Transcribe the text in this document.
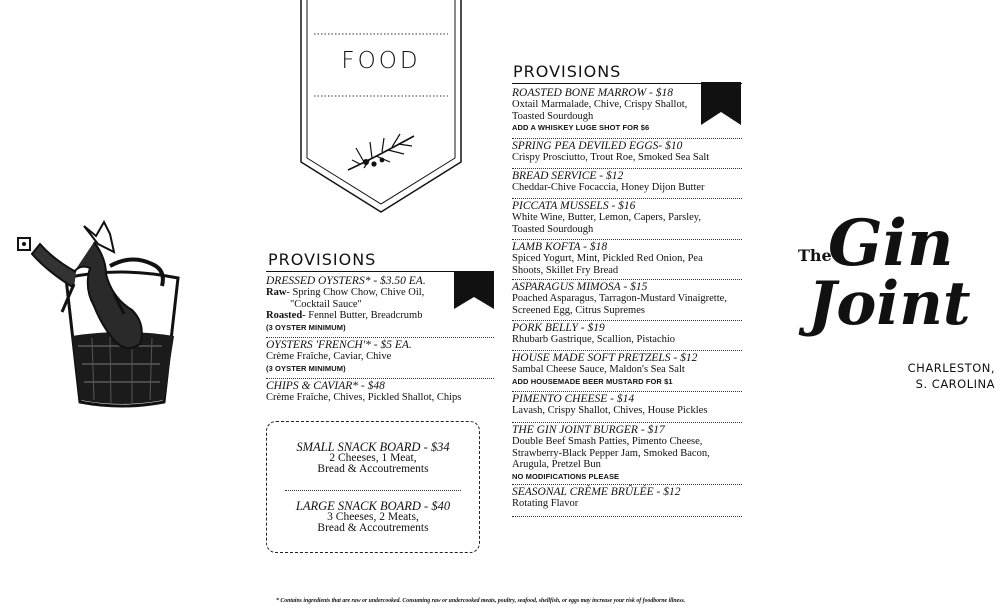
FOOD
PROVISIONS
DRESSED OYSTERS* - $3.50 EA.
Raw- Spring Chow Chow, Chive Oil,
"Cocktail Sauce"
Roasted- Fennel Butter, Breadcrumb
(3 OYSTER MINIMUM)
OYSTERS 'FRENCH'* - $5 EA.
Crème Fraîche, Caviar, Chive
(3 OYSTER MINIMUM)
CHIPS & CAVIAR* - $48
Crème Fraîche, Chives, Pickled Shallot, Chips
SMALL SNACK BOARD - $34
2 Cheeses, 1 Meat,
Bread & Accoutrements
LARGE SNACK BOARD - $40
3 Cheeses, 2 Meats,
Bread & Accoutrements
PROVISIONS
ROASTED BONE MARROW - $18
Oxtail Marmalade, Chive, Crispy Shallot,
Toasted Sourdough
ADD A WHISKEY LUGE SHOT FOR $6
SPRING PEA DEVILED EGGS- $10
Crispy Prosciutto, Trout Roe, Smoked Sea Salt
BREAD SERVICE - $12
Cheddar-Chive Focaccia, Honey Dijon Butter
PICCATA MUSSELS - $16
White Wine, Butter, Lemon, Capers, Parsley,
Toasted Sourdough
LAMB KOFTA - $18
Spiced Yogurt, Mint, Pickled Red Onion, Pea
Shoots, Skillet Fry Bread
ASPARAGUS MIMOSA - $15
Poached Asparagus, Tarragon-Mustard Vinaigrette,
Screened Egg, Citrus Supremes
PORK BELLY - $19
Rhubarb Gastrique, Scallion, Pistachio
HOUSE MADE SOFT PRETZELS - $12
Sambal Cheese Sauce, Maldon's Sea Salt
ADD HOUSEMADE BEER MUSTARD FOR $1
PIMENTO CHEESE - $14
Lavash, Crispy Shallot, Chives, House Pickles
THE GIN JOINT BURGER - $17
Double Beef Smash Patties, Pimento Cheese,
Strawberry-Black Pepper Jam, Smoked Bacon,
Arugula, Pretzel Bun
NO MODIFICATIONS PLEASE
SEASONAL CRÈME BRÛLÉE - $12
Rotating Flavor
The
Gin
Joint
CHARLESTON,
S. CAROLINA
* Contains ingredients that are raw or undercooked. Consuming raw or undercooked meats, poultry, seafood, shellfish, or eggs may increase your risk of foodborne illness.
